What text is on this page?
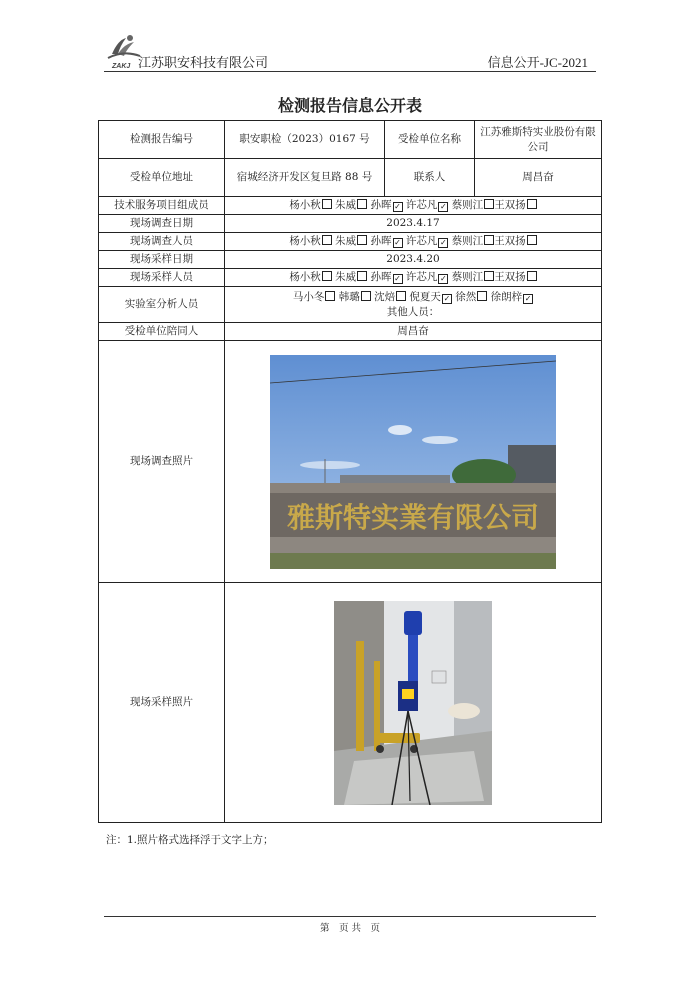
ZAKJ 江苏职安科技有限公司	信息公开-JC-2021
检测报告信息公开表
检测报告编号	职安职检（2023）0167 号	受检单位名称	江苏雅斯特实业股份有限公司
受检单位地址	宿城经济开发区复旦路 88 号	联系人	周昌奋
技术服务项目组成员	杨小秋 朱威 孙晖 ✓ 许芯凡 ✓ 蔡则江 王双扬		
现场调查日期	2023.4.17		
现场调查人员	杨小秋 朱威 孙晖 ✓ 许芯凡 ✓ 蔡则江 王双扬		
现场采样日期	2023.4.20		
现场采样人员	杨小秋 朱威 孙晖 ✓ 许芯凡 ✓ 蔡则江 王双扬		
实验室分析人员	马小冬 韩璐 沈焙 倪夏天 ✓ 徐然 徐朗梓 ✓
其他人员：		

受检单位陪同人	周昌奋		
现场调查照片	雅斯特实業有限公司		

现场采样照片	
注：1.照片格式选择浮于文字上方；
第　页 共　页
